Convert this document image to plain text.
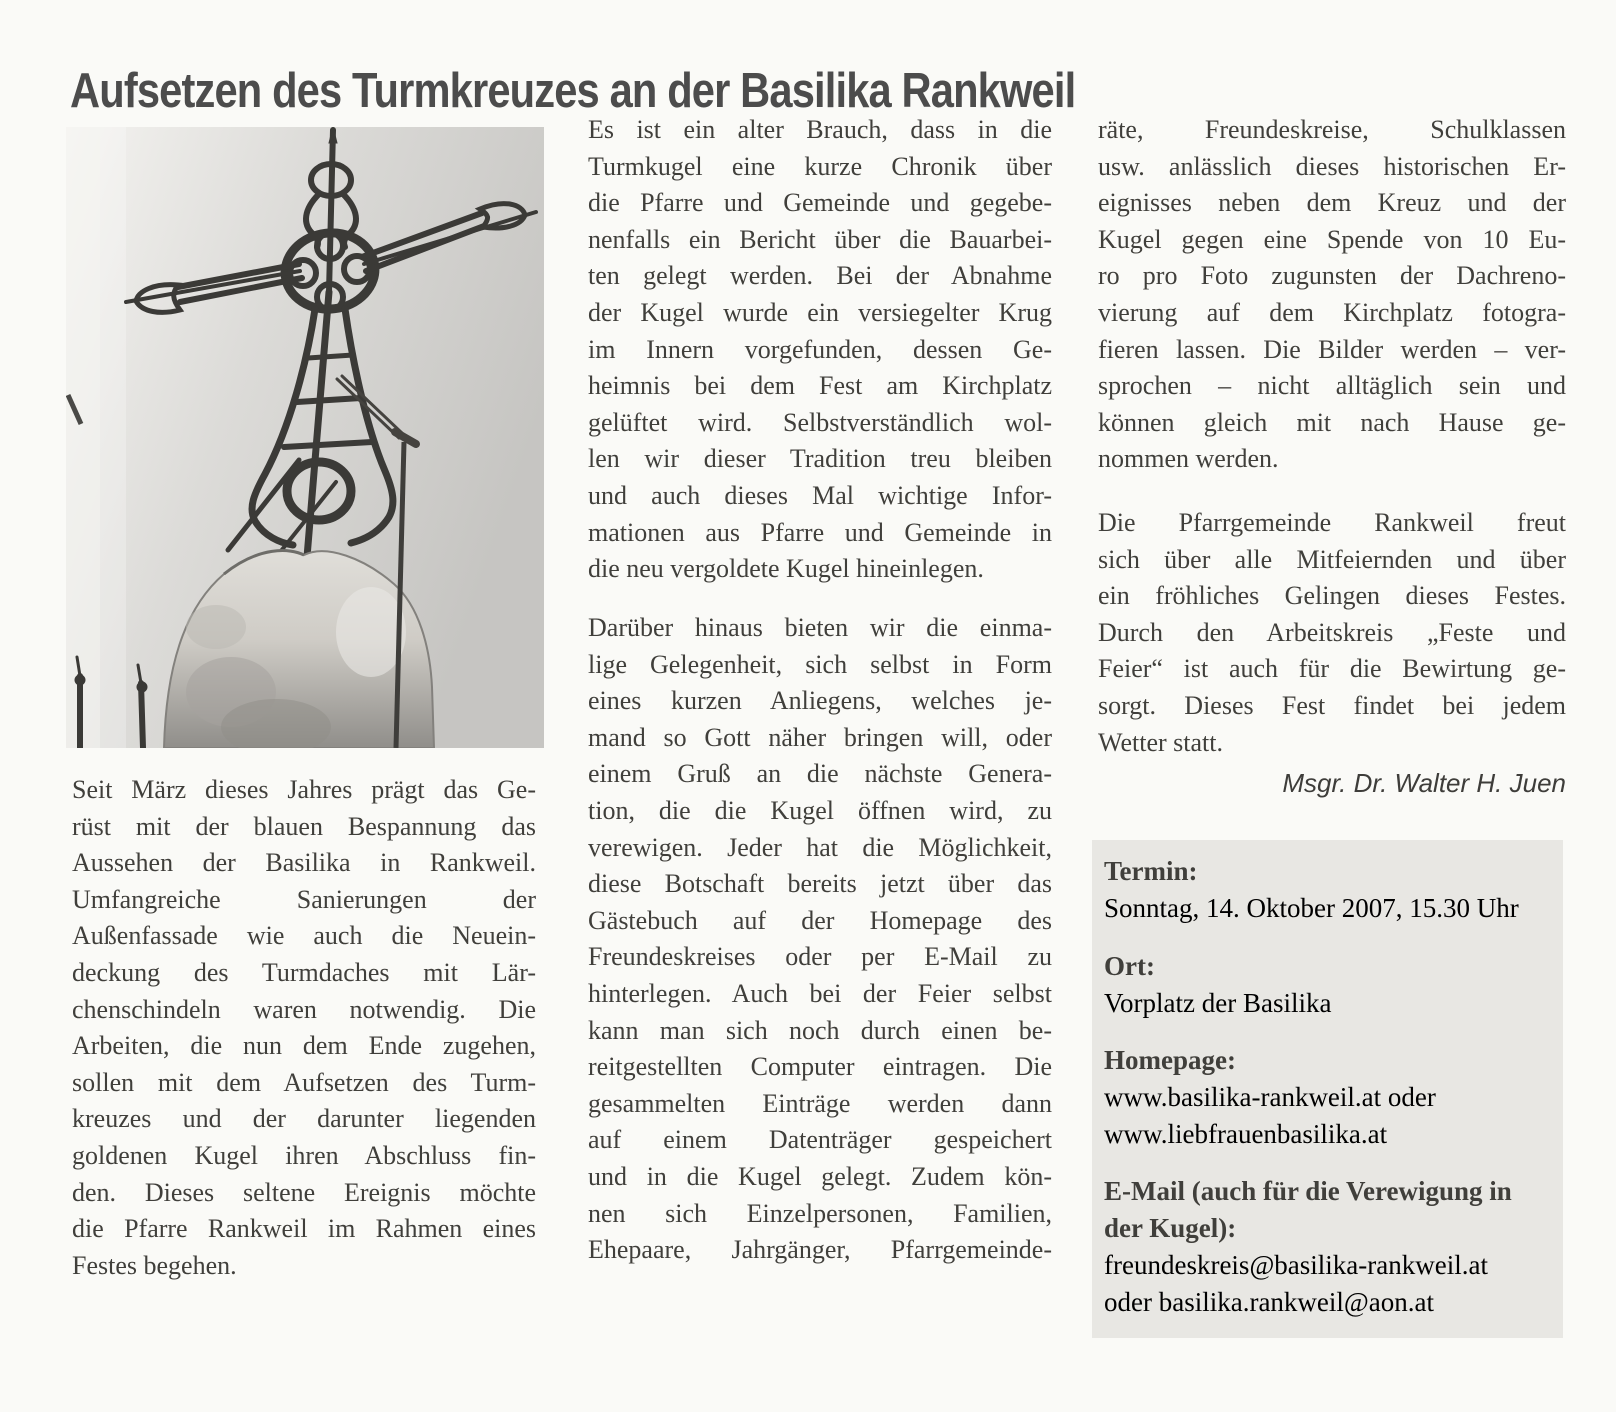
Aufsetzen des Turmkreuzes an der Basilika Rankweil
Seit März dieses Jahres prägt das Ge-
rüst mit der blauen Bespannung das
Aussehen der Basilika in Rankweil.
Umfangreiche Sanierungen der
Außenfassade wie auch die Neuein-
deckung des Turmdaches mit Lär-
chenschindeln waren notwendig. Die
Arbeiten, die nun dem Ende zugehen,
sollen mit dem Aufsetzen des Turm-
kreuzes und der darunter liegenden
goldenen Kugel ihren Abschluss fin-
den. Dieses seltene Ereignis möchte
die Pfarre Rankweil im Rahmen eines
Festes begehen.
Es ist ein alter Brauch, dass in die
Turmkugel eine kurze Chronik über
die Pfarre und Gemeinde und gegebe-
nenfalls ein Bericht über die Bauarbei-
ten gelegt werden. Bei der Abnahme
der Kugel wurde ein versiegelter Krug
im Innern vorgefunden, dessen Ge-
heimnis bei dem Fest am Kirchplatz
gelüftet wird. Selbstverständlich wol-
len wir dieser Tradition treu bleiben
und auch dieses Mal wichtige Infor-
mationen aus Pfarre und Gemeinde in
die neu vergoldete Kugel hineinlegen.
Darüber hinaus bieten wir die einma-
lige Gelegenheit, sich selbst in Form
eines kurzen Anliegens, welches je-
mand so Gott näher bringen will, oder
einem Gruß an die nächste Genera-
tion, die die Kugel öffnen wird, zu
verewigen. Jeder hat die Möglichkeit,
diese Botschaft bereits jetzt über das
Gästebuch auf der Homepage des
Freundeskreises oder per E-Mail zu
hinterlegen. Auch bei der Feier selbst
kann man sich noch durch einen be-
reitgestellten Computer eintragen. Die
gesammelten Einträge werden dann
auf einem Datenträger gespeichert
und in die Kugel gelegt. Zudem kön-
nen sich Einzelpersonen, Familien,
Ehepaare, Jahrgänger, Pfarrgemeinde-
räte, Freundeskreise, Schulklassen
usw. anlässlich dieses historischen Er-
eignisses neben dem Kreuz und der
Kugel gegen eine Spende von 10 Eu-
ro pro Foto zugunsten der Dachreno-
vierung auf dem Kirchplatz fotogra-
fieren lassen. Die Bilder werden – ver-
sprochen – nicht alltäglich sein und
können gleich mit nach Hause ge-
nommen werden.
Die Pfarrgemeinde Rankweil freut
sich über alle Mitfeiernden und über
ein fröhliches Gelingen dieses Festes.
Durch den Arbeitskreis „Feste und
Feier“ ist auch für die Bewirtung ge-
sorgt. Dieses Fest findet bei jedem
Wetter statt.
Msgr. Dr. Walter H. Juen
Termin:
Sonntag, 14. Oktober 2007, 15.30 Uhr
Ort:
Vorplatz der Basilika
Homepage:
www.basilika-rankweil.at oder
www.liebfrauenbasilika.at
E-Mail (auch für die Verewigung in der Kugel):
freundeskreis@basilika-rankweil.at
oder basilika.rankweil@aon.at
